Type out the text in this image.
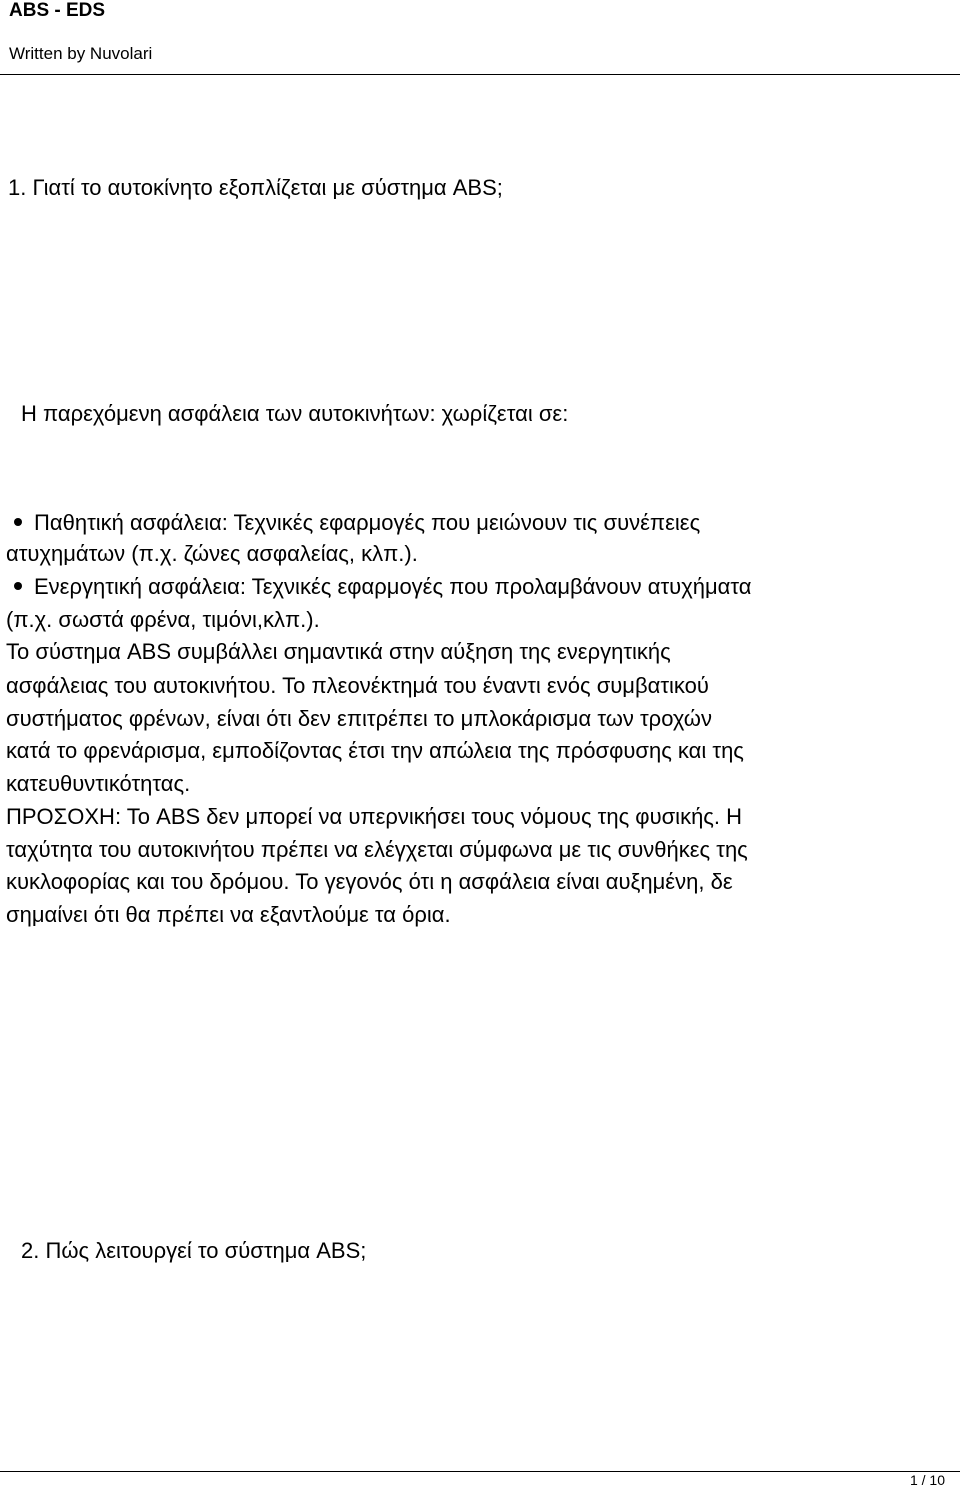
ABS - EDS
Written by Nuvolari
1. Γιατί το αυτοκίνητο εξοπλίζεται με σύστημα ABS;
Η παρεχόμενη ασφάλεια των αυτοκινήτων: χωρίζεται σε:
Παθητική ασφάλεια: Τεχνικές εφαρμογές που μειώνουν τις συνέπειες
ατυχημάτων (π.χ. ζώνες ασφαλείας, κλπ.).
Ενεργητική ασφάλεια: Τεχνικές εφαρμογές που προλαμβάνουν ατυχήματα
(π.χ. σωστά φρένα, τιμόνι,κλπ.).
Το σύστημα ABS συμβάλλει σημαντικά στην αύξηση της ενεργητικής
ασφάλειας του αυτοκινήτου. Το πλεονέκτημά του έναντι ενός συμβατικού
συστήματος φρένων, είναι ότι δεν επιτρέπει το μπλοκάρισμα των τροχών
κατά το φρενάρισμα, εμποδίζοντας έτσι την απώλεια της πρόσφυσης και της
κατευθυντικότητας.
ΠΡΟΣΟΧΗ: Το ABS δεν μπορεί να υπερνικήσει τους νόμους της φυσικής. Η
ταχύτητα του αυτοκινήτου πρέπει να ελέγχεται σύμφωνα με τις συνθήκες της
κυκλοφορίας και του δρόμου. Το γεγονός ότι η ασφάλεια είναι αυξημένη, δε
σημαίνει ότι θα πρέπει να εξαντλούμε τα όρια.
2. Πώς λειτουργεί το σύστημα ABS;
1 / 10
